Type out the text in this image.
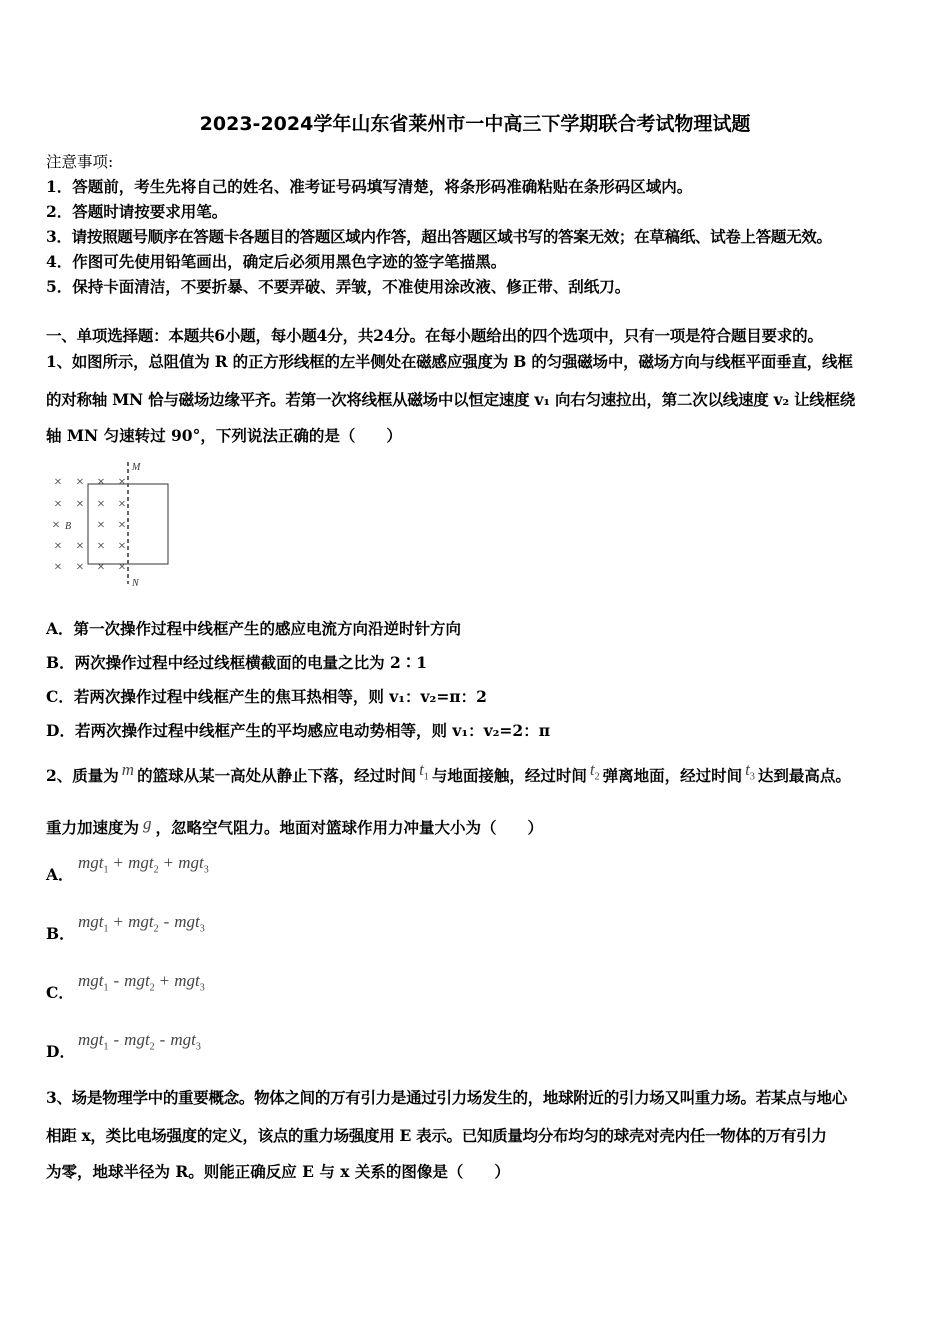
2023-2024学年山东省莱州市一中高三下学期联合考试物理试题
注意事项:
1．答题前，考生先将自己的姓名、准考证号码填写清楚，将条形码准确粘贴在条形码区域内。
2．答题时请按要求用笔。
3．请按照题号顺序在答题卡各题目的答题区域内作答，超出答题区域书写的答案无效；在草稿纸、试卷上答题无效。
4．作图可先使用铅笔画出，确定后必须用黑色字迹的签字笔描黑。
5．保持卡面清洁，不要折暴、不要弄破、弄皱，不准使用涂改液、修正带、刮纸刀。
一、单项选择题：本题共6小题，每小题4分，共24分。在每小题给出的四个选项中，只有一项是符合题目要求的。
1、如图所示，总阻值为 R 的正方形线框的左半侧处在磁感应强度为 B 的匀强磁场中，磁场方向与线框平面垂直，线框
的对称轴 MN 恰与磁场边缘平齐。若第一次将线框从磁场中以恒定速度 v₁ 向右匀速拉出，第二次以线速度 v₂ 让线框绕
轴 MN 匀速转过 90°，下列说法正确的是（　　）
× × × ×
× × × ×
×	× ×
× × × ×
× × × ×
B
M
N
A．第一次操作过程中线框产生的感应电流方向沿逆时针方向
B．两次操作过程中经过线框横截面的电量之比为 2∶1
C．若两次操作过程中线框产生的焦耳热相等，则 v₁：v₂=π：2
D．若两次操作过程中线框产生的平均感应电动势相等，则 v₁：v₂=2：π
2、质量为 m 的篮球从某一高处从静止下落，经过时间 $t_1$ 与地面接触，经过时间 $t_2$ 弹离地面，经过时间 $t_3$ 达到最高点。
重力加速度为 g ，忽略空气阻力。地面对篮球作用力冲量大小为（　　）
A．
mgt$_1$ + mgt$_2$ + mgt$_3$
B．
mgt$_1$ + mgt$_2$ - mgt$_3$
C．
mgt$_1$ - mgt$_2$ + mgt$_3$
D．
mgt$_1$ - mgt$_2$ - mgt$_3$
3、场是物理学中的重要概念。物体之间的万有引力是通过引力场发生的，地球附近的引力场又叫重力场。若某点与地心
相距 x，类比电场强度的定义，该点的重力场强度用 E 表示。已知质量均分布均匀的球壳对壳内任一物体的万有引力
为零，地球半径为 R。则能正确反应 E 与 x 关系的图像是（　　）
